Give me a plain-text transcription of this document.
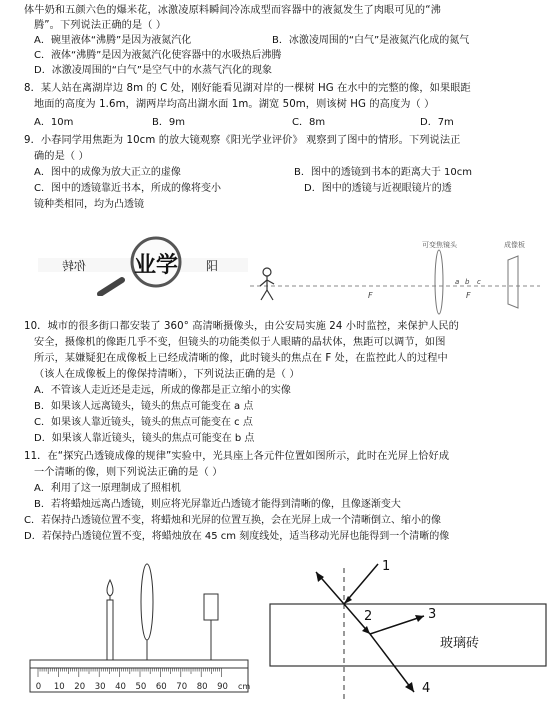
体牛奶和五颜六色的爆米花，冰激凌原料瞬间冷冻成型而容器中的液氮发生了肉眼可见的“沸
腾”。下列说法正确的是（ ）
A．碗里液体“沸腾”是因为液氮汽化	B．冰激凌周围的“白气”是液氮汽化成的氮气
C．液体“沸腾”是因为液氮汽化使容器中的水吸热后沸腾
D．冰激凌周围的“白气”是空气中的水蒸气汽化的现象
8．某人站在离湖岸边 8m 的 C 处，刚好能看见湖对岸的一棵树 HG 在水中的完整的像，如果眼距
地面的高度为 1.6m，湖两岸均高出湖水面 1m。湖宽 50m，则该树 HG 的高度为（ ）
A．10m	B．9m	C．8m	D．7m
9．小春同学用焦距为 10cm 的放大镜观察《阳光学业评价》 观察到了图中的情形。下列说法正
确的是（ ）
A．图中的成像为放大正立的虚像	B．图中的透镜到书本的距离大于 10cm
C．图中的透镜靠近书本，所成的像将变小	D．图中的透镜与近视眼镜片的透
镜种类相同，均为凸透镜
你转 业学 阳
F
a b c
F
可变焦镜头	成像板
10．城市的很多街口都安装了 360° 高清晰摄像头，由公安局实施 24 小时监控，来保护人民的
安全，摄像机的像距几乎不变，但镜头的功能类似于人眼睛的晶状体，焦距可以调节，如图
所示，某嫌疑犯在成像板上已经成清晰的像，此时镜头的焦点在 F 处，在监控此人的过程中
（该人在成像板上的像保持清晰），下列说法正确的是（ ）
A．不管该人走近还是走远，所成的像都是正立缩小的实像
B．如果该人远离镜头，镜头的焦点可能变在 a 点
C．如果该人靠近镜头，镜头的焦点可能变在 c 点
D．如果该人靠近镜头，镜头的焦点可能变在 b 点
11．在“探究凸透镜成像的规律”实验中，光具座上各元件位置如图所示，此时在光屏上恰好成
一个清晰的像，则下列说法正确的是（ ）
A．利用了这一原理制成了照相机
B．若将蜡烛远离凸透镜，则应将光屏靠近凸透镜才能得到清晰的像，且像逐渐变大
C．若保持凸透镜位置不变，将蜡烛和光屏的位置互换，会在光屏上成一个清晰倒立、缩小的像
D．若保持凸透镜位置不变，将蜡烛放在 45 cm 刻度线处，适当移动光屏也能得到一个清晰的像
0 10 20 30 40 50 60 70 80 90 cm
1
2	3
4
玻璃砖
